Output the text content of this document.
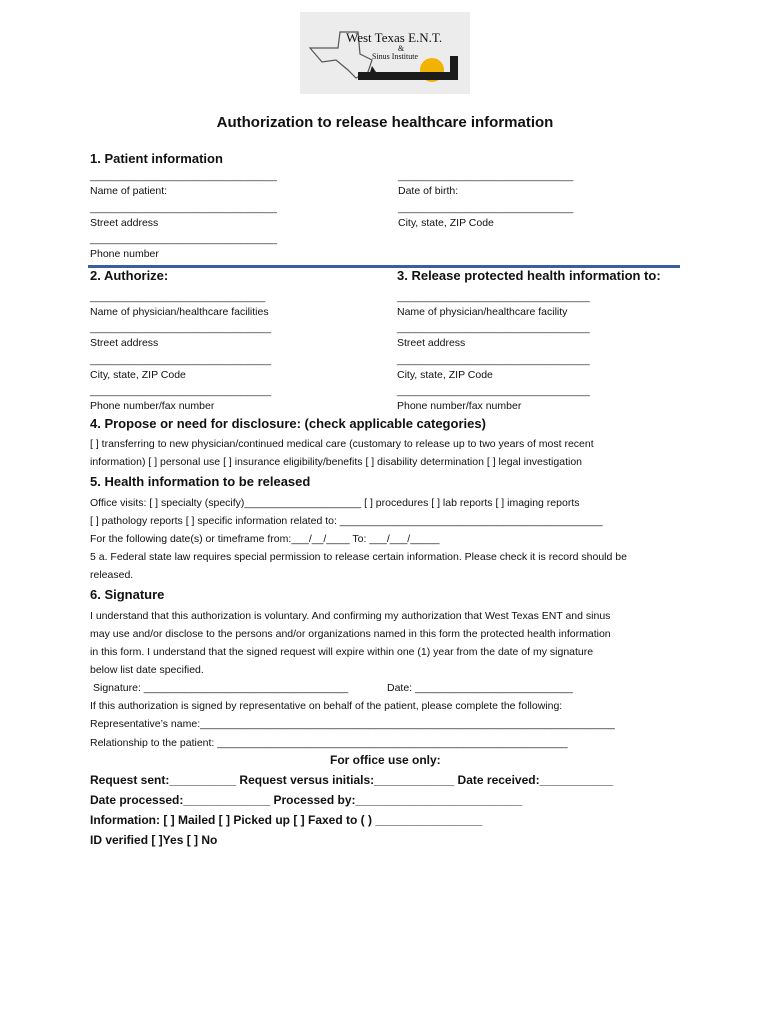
West Texas E.N.T.
&
Sinus Institute
Authorization to release healthcare information
1. Patient information
________________________________	______________________________
Name of patient:	Date of birth:
________________________________	______________________________
Street address	City, state, ZIP Code
________________________________
Phone number
2. Authorize:	3. Release protected health information to:
______________________________
Name of physician/healthcare facilities
_______________________________
Street address
_______________________________
City, state, ZIP Code
_______________________________
Phone number/fax number
_________________________________
Name of physician/healthcare facility
_________________________________
Street address
_________________________________
City, state, ZIP Code
_________________________________
Phone number/fax number
4. Propose or need for disclosure: (check applicable categories)
[ ] transferring to new physician/continued medical care (customary to release up to two years of most recent
information) [ ] personal use [ ] insurance eligibility/benefits [ ] disability determination [ ] legal investigation
5. Health information to be released
Office visits: [ ] specialty (specify)____________________ [ ] procedures [ ] lab reports [ ] imaging reports
[ ] pathology reports [ ] specific information related to: _____________________________________________
For the following date(s) or timeframe from:___/__/____ To: ___/___/_____
5 a. Federal state law requires special permission to release certain information. Please check it is record should be
released.
6. Signature
I understand that this authorization is voluntary. And confirming my authorization that West Texas ENT and sinus
may use and/or disclose to the persons and/or organizations named in this form the protected health information
in this form. I understand that the signed request will expire within one (1) year from the date of my signature
below list date specified.
Signature: ___________________________________	Date: ___________________________
If this authorization is signed by representative on behalf of the patient, please complete the following:
Representative’s name:_______________________________________________________________________
Relationship to the patient: ____________________________________________________________
For office use only:
Request sent:__________ Request versus initials:____________ Date received:___________
Date processed:_____________ Processed by:_________________________
Information: [ ] Mailed [ ] Picked up [ ] Faxed to ( ) ________________
ID verified [ ]Yes [ ] No
